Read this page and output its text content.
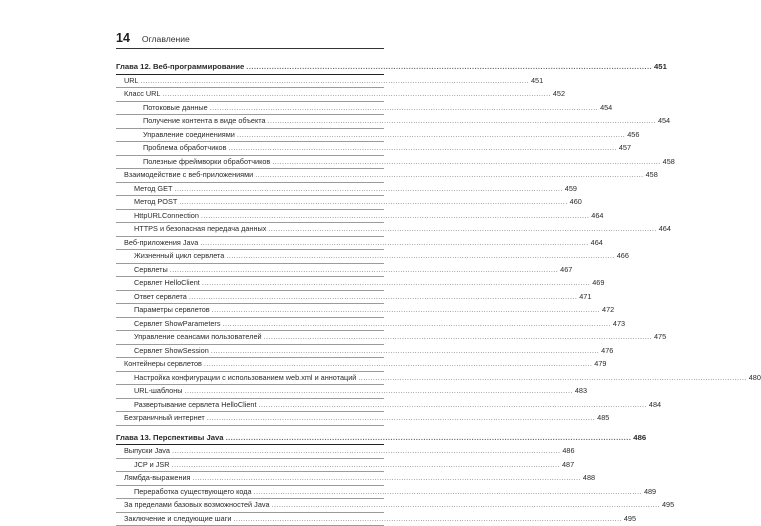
14 Оглавление
Глава 12. Веб-программирование .....	451
URL .....	451
Класс URL .....	452
Потоковые данные .....	454
Получение контента в виде объекта .....	454
Управление соединениями .....	456
Проблема обработчиков .....	457
Полезные фреймворки обработчиков .....	458
Взаимодействие с веб-приложениями .....	458
Метод GET .....	459
Метод POST .....	460
HttpURLConnection .....	464
HTTPS и безопасная передача данных .....	464
Веб-приложения Java .....	464
Жизненный цикл сервлета .....	466
Сервлеты .....	467
Сервлет HelloClient .....	469
Ответ сервлета .....	471
Параметры сервлетов .....	472
Сервлет ShowParameters .....	473
Управление сеансами пользователей .....	475
Сервлет ShowSession .....	476
Контейнеры сервлетов .....	479
Настройка конфигурации с использованием web.xml и аннотаций .....	480
URL-шаблоны .....	483
Развертывание сервлета HelloClient .....	484
Безграничный интернет .....	485
Глава 13. Перспективы Java .....	486
Выпуски Java .....	486
JCP и JSR .....	487
Лямбда-выражения .....	488
Переработка существующего кода .....	489
За пределами базовых возможностей Java .....	495
Заключение и следующие шаги .....	495
